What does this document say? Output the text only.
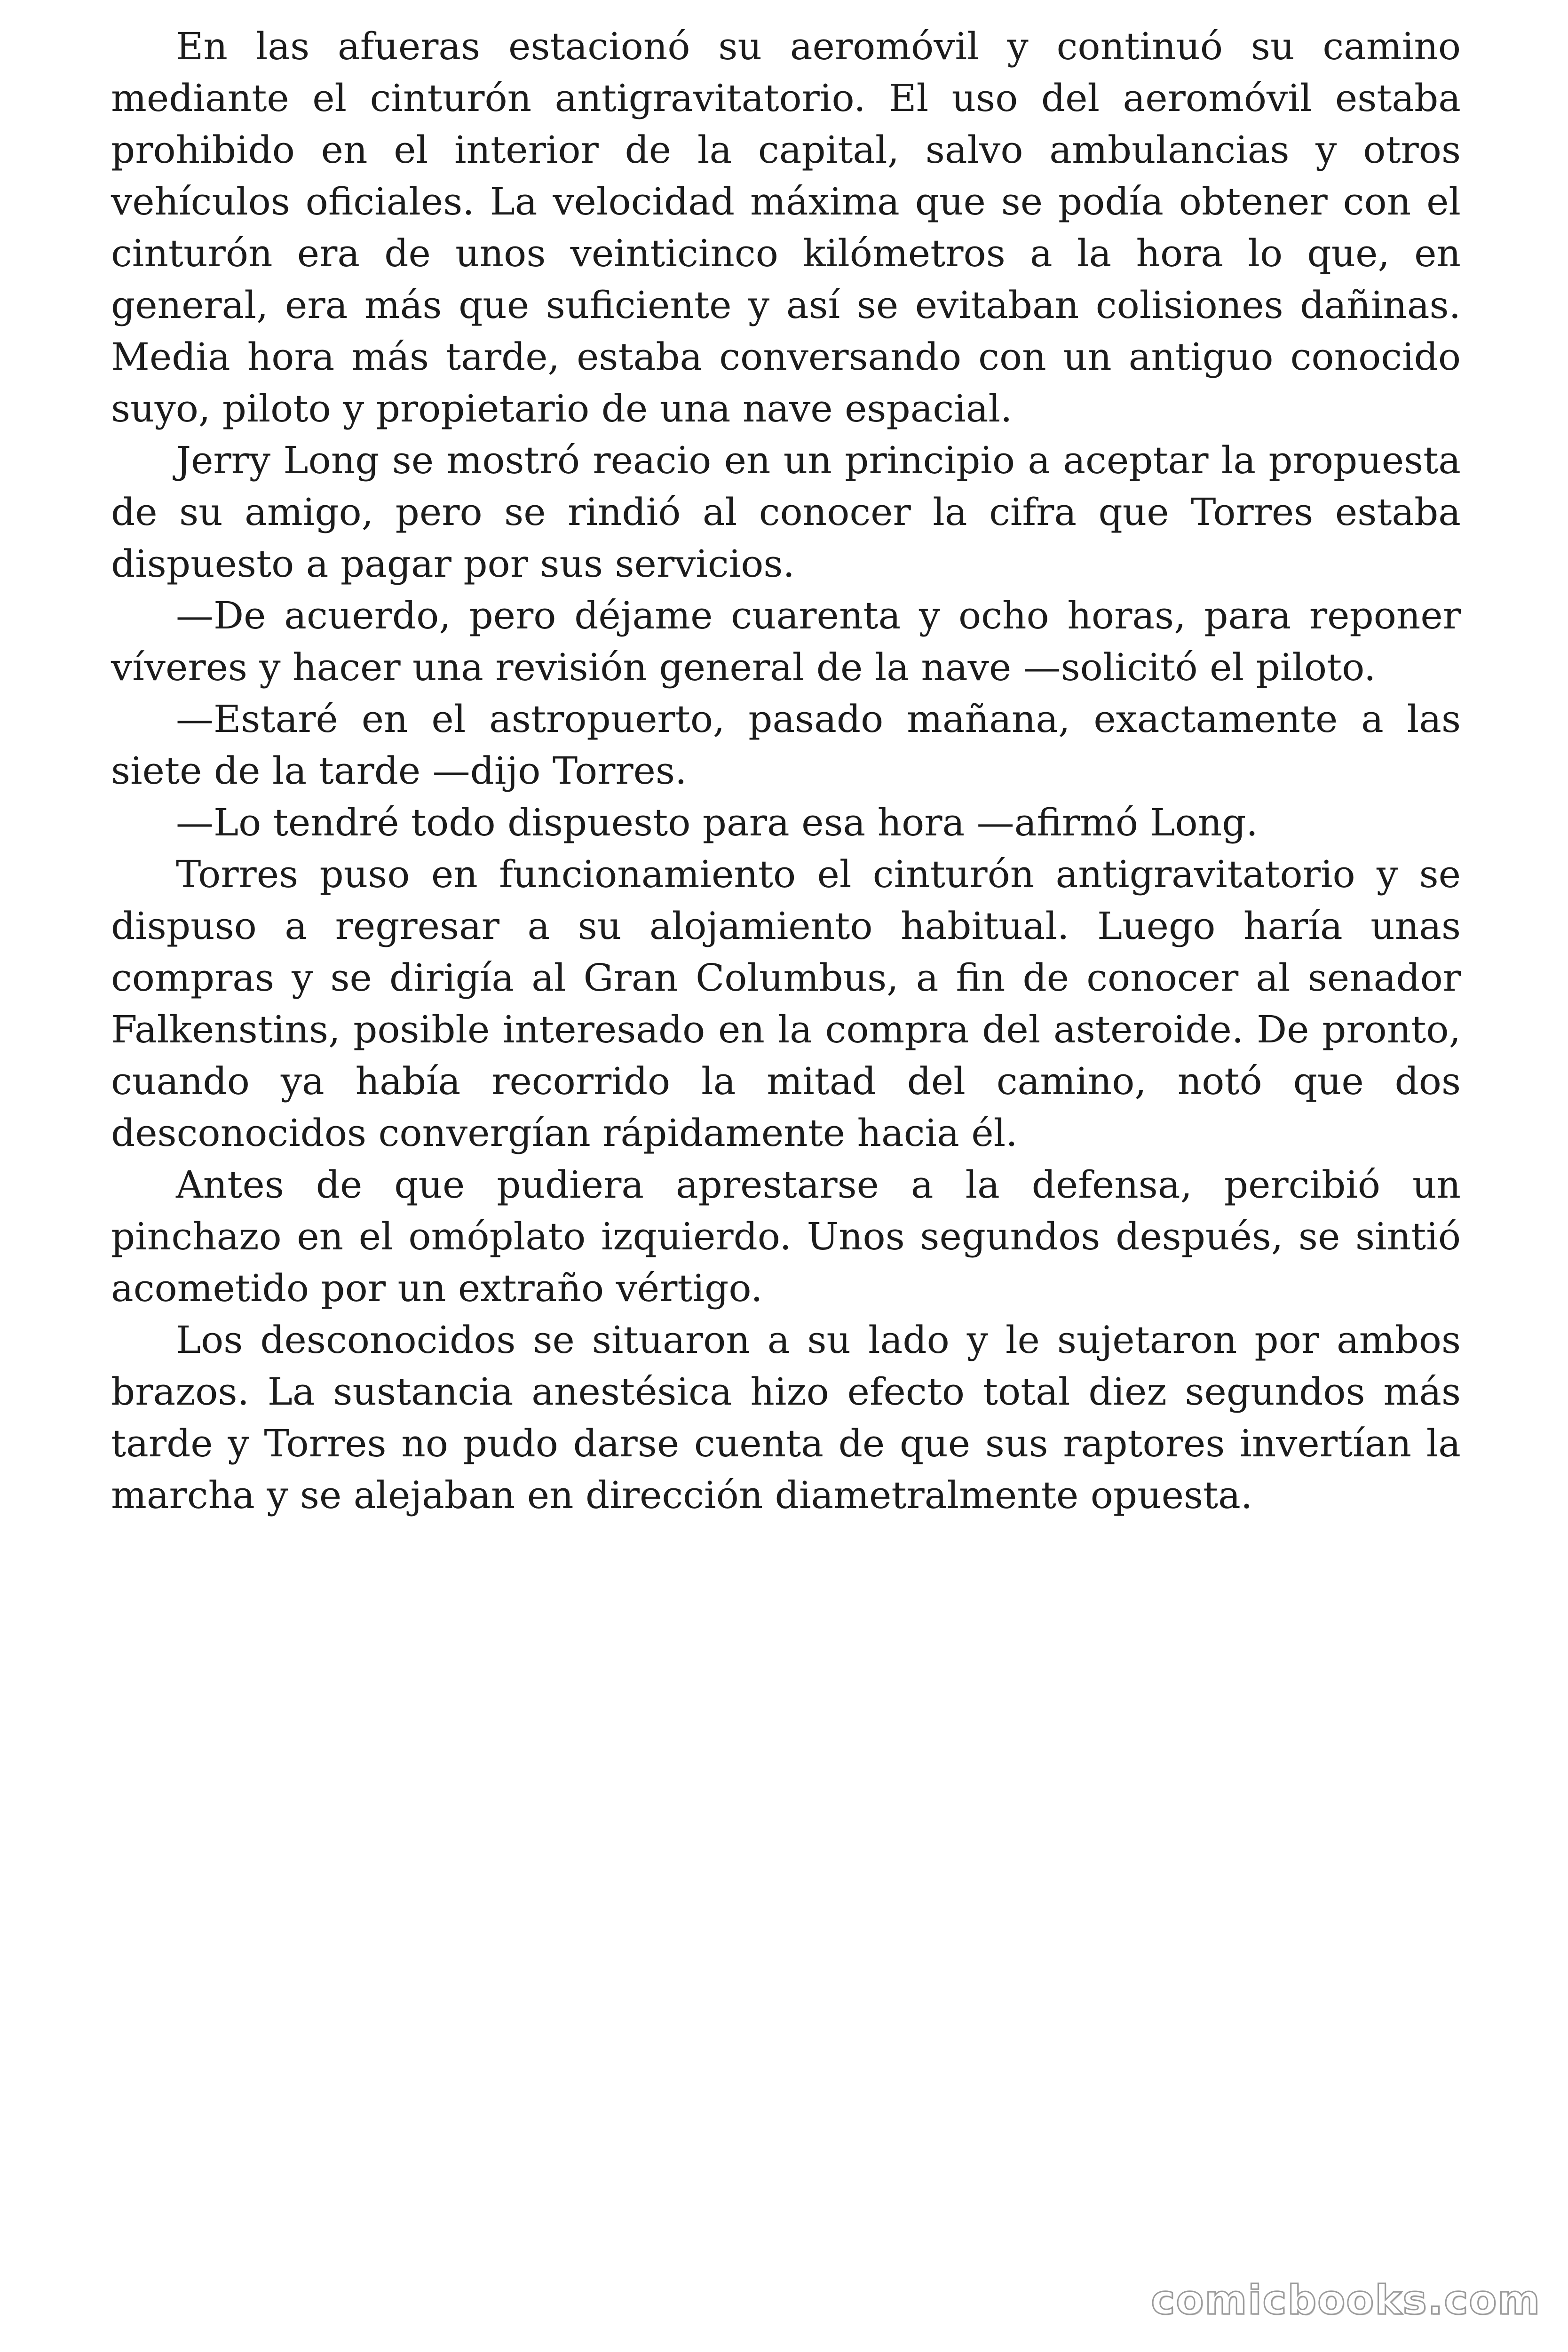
En las afueras estacionó su aeromóvil y continuó su camino mediante el cinturón antigravitatorio. El uso del aeromóvil estaba prohibido en el interior de la capital, salvo ambulancias y otros vehículos oficiales. La velocidad máxima que se podía obtener con el cinturón era de unos veinticinco kilómetros a la hora lo que, en general, era más que suficiente y así se evitaban colisiones dañinas. Media hora más tarde, estaba conversando con un antiguo conocido suyo, piloto y propietario de una nave espacial.

Jerry Long se mostró reacio en un principio a aceptar la propuesta de su amigo, pero se rindió al conocer la cifra que Torres estaba dispuesto a pagar por sus servicios.

—De acuerdo, pero déjame cuarenta y ocho horas, para reponer víveres y hacer una revisión general de la nave —solicitó el piloto.

—Estaré en el astropuerto, pasado mañana, exactamente a las siete de la tarde —dijo Torres.

—Lo tendré todo dispuesto para esa hora —afirmó Long.

Torres puso en funcionamiento el cinturón antigravitatorio y se dispuso a regresar a su alojamiento habitual. Luego haría unas compras y se dirigía al Gran Columbus, a fin de conocer al senador Falkenstins, posible interesado en la compra del asteroide. De pronto, cuando ya había recorrido la mitad del camino, notó que dos desconocidos convergían rápidamente hacia él.

Antes de que pudiera aprestarse a la defensa, percibió un pinchazo en el omóplato izquierdo. Unos segundos después, se sintió acometido por un extraño vértigo.

Los desconocidos se situaron a su lado y le sujetaron por ambos brazos. La sustancia anestésica hizo efecto total diez segundos más tarde y Torres no pudo darse cuenta de que sus raptores invertían la marcha y se alejaban en dirección diametralmente opuesta.

comicbooks.com
